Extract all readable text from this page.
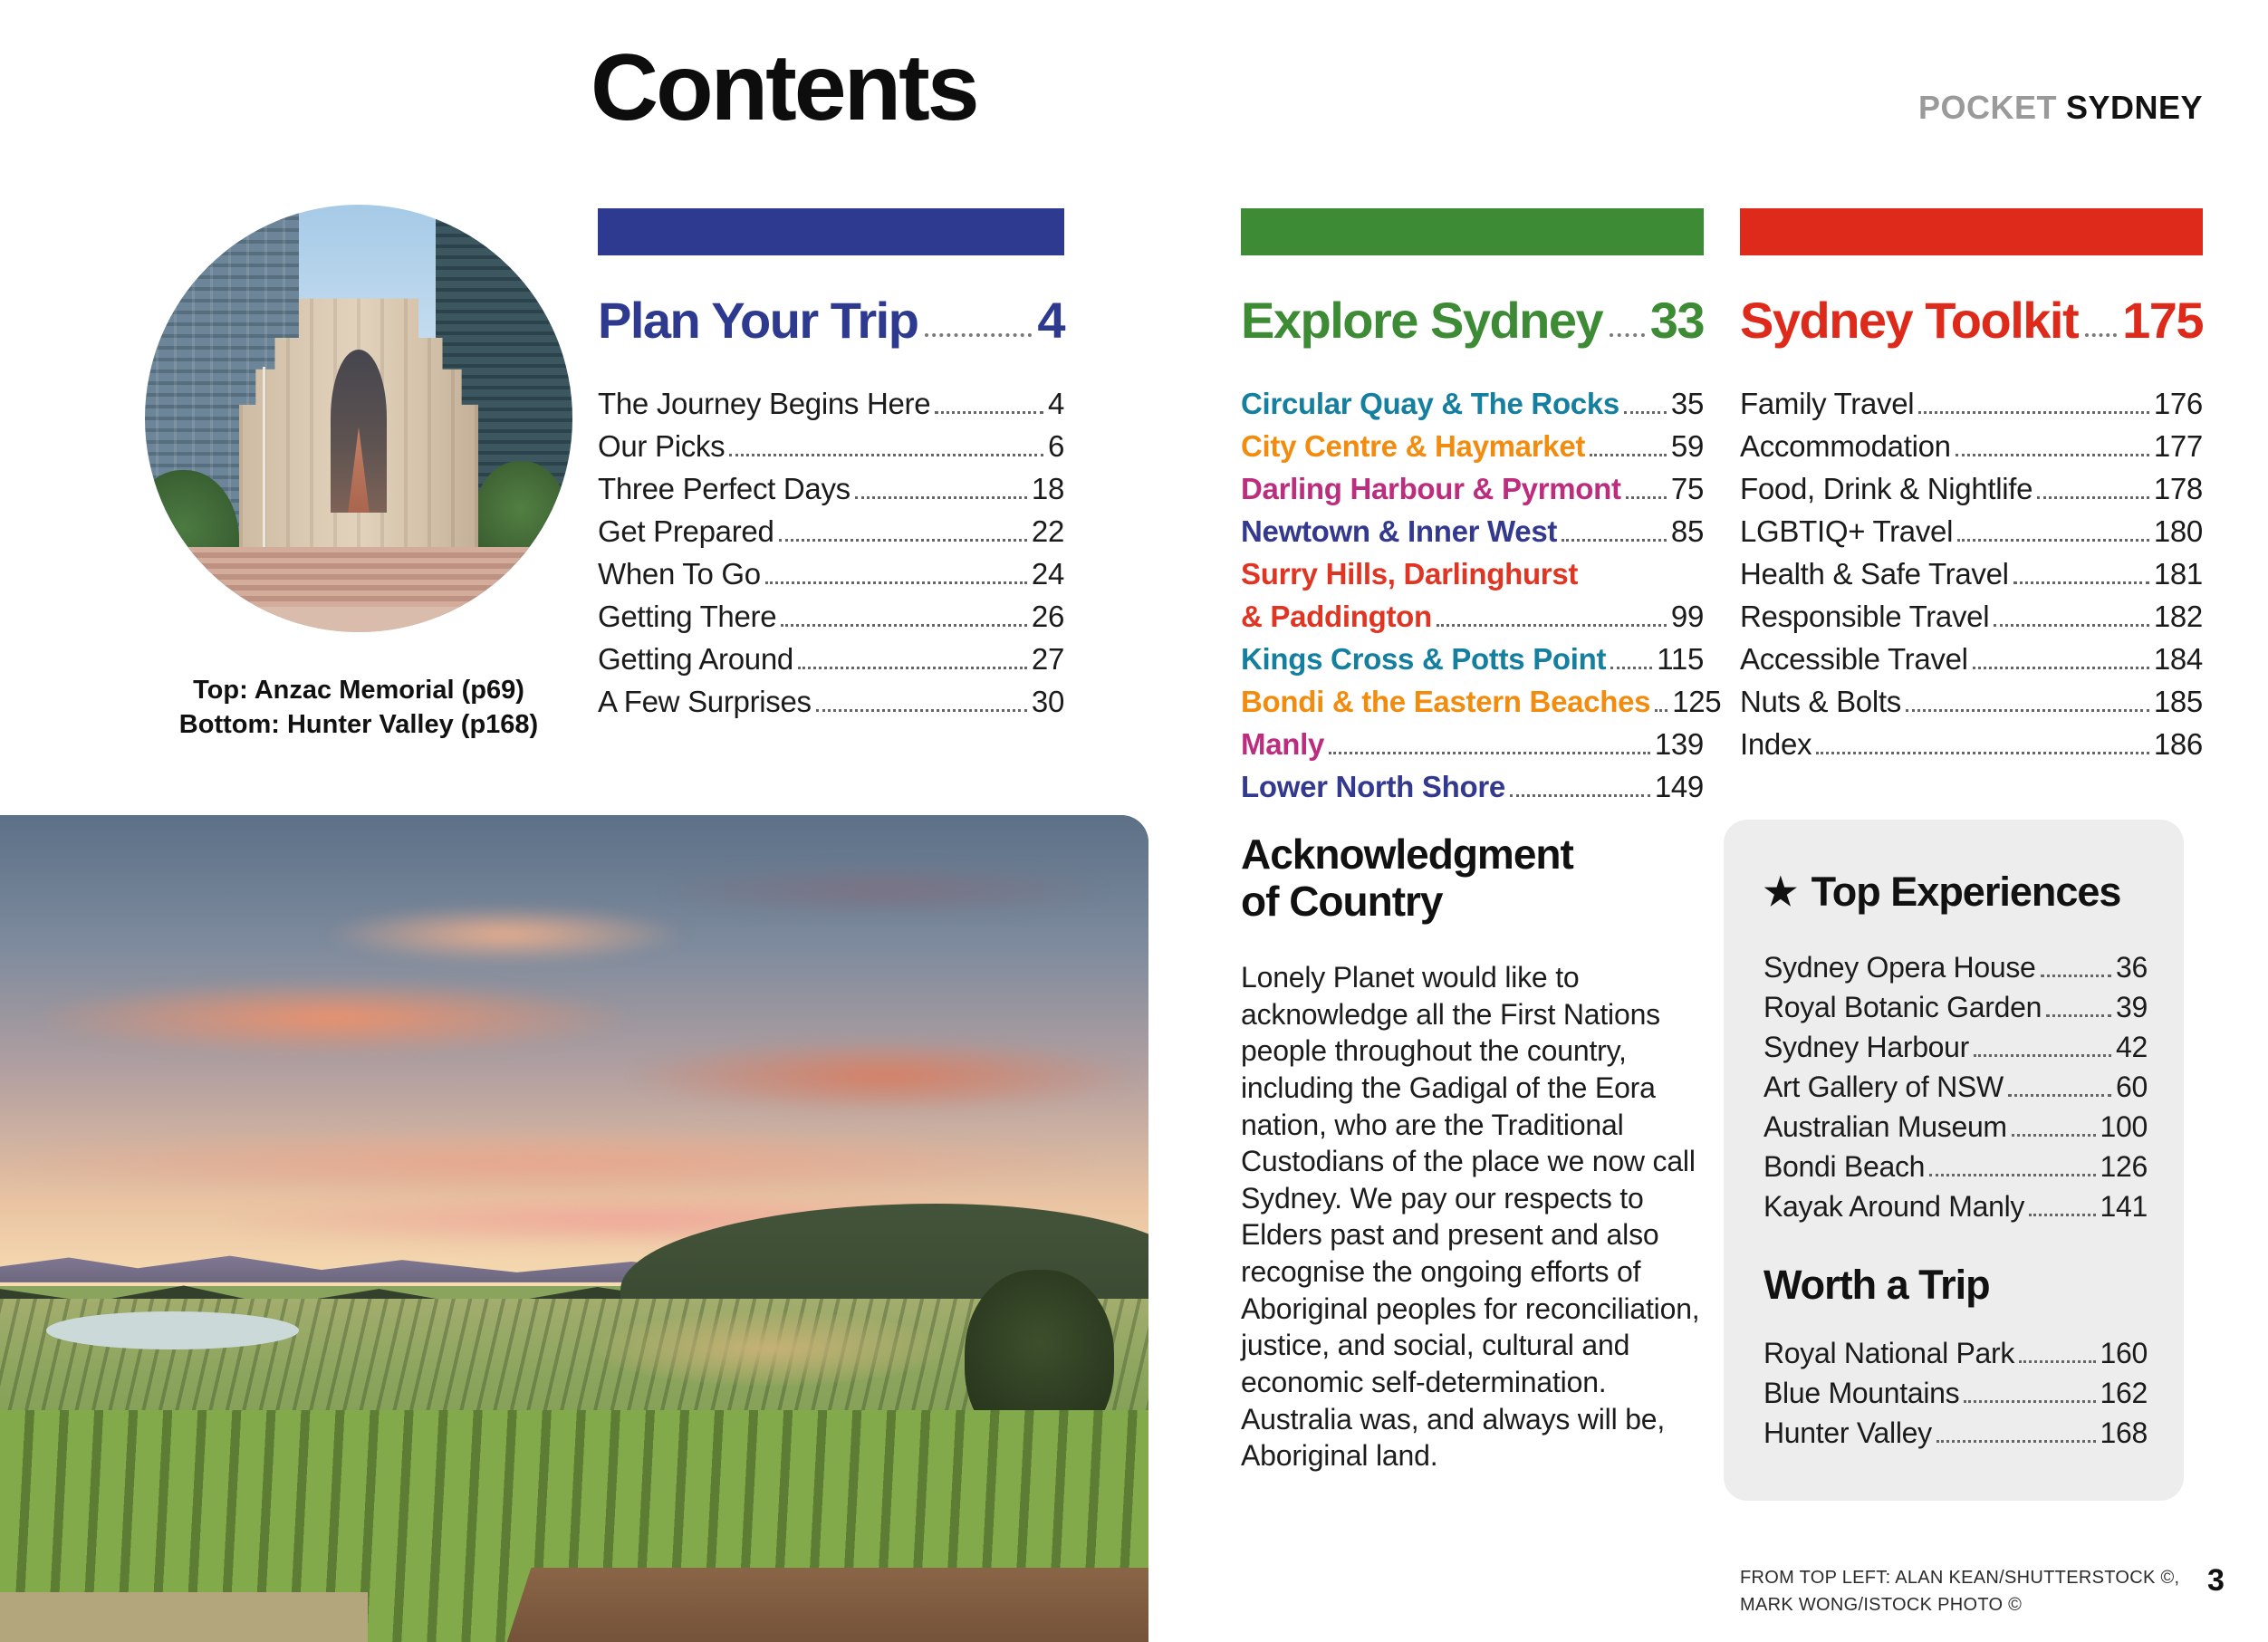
Contents	POCKET SYDNEY
Top: Anzac Memorial (p69)
Bottom: Hunter Valley (p168)
Plan Your Trip 4
The Journey Begins Here	4
Our Picks	6
Three Perfect Days	18
Get Prepared	22
When To Go	24
Getting There	26
Getting Around	27
A Few Surprises	30
Explore Sydney 33
Circular Quay & The Rocks 35
City Centre & Haymarket	59
Darling Harbour & Pyrmont 75
Newtown & Inner West	85
Surry Hills, Darlinghurst
& Paddington	99
Kings Cross & Potts Point 115
Bondi & the Eastern Beaches 125
Manly	139
Lower North Shore	149
Sydney Toolkit 175
Family Travel	176
Accommodation	177
Food, Drink & Nightlife	178
LGBTIQ+ Travel	180
Health & Safe Travel	181
Responsible Travel	182
Accessible Travel	184
Nuts & Bolts	185
Index	186
Acknowledgment
of Country

Lonely Planet would like to acknowledge all the First Nations people throughout the country, including the Gadigal of the Eora nation, who are the Traditional Custodians of the place we now call Sydney. We pay our respects to Elders past and present and also recognise the ongoing efforts of Aboriginal peoples for reconciliation, justice, and social, cultural and economic self-determination. Australia was, and always will be, Aboriginal land.

★ Top Experiences
Sydney Opera House	36
Royal Botanic Garden	39
Sydney Harbour	42
Art Gallery of NSW	60
Australian Museum	100
Bondi Beach	126
Kayak Around Manly	141
Worth a Trip
Royal National Park	160
Blue Mountains	162
Hunter Valley	168
FROM TOP LEFT: ALAN KEAN/SHUTTERSTOCK ©,
MARK WONG/ISTOCK PHOTO ©
3
